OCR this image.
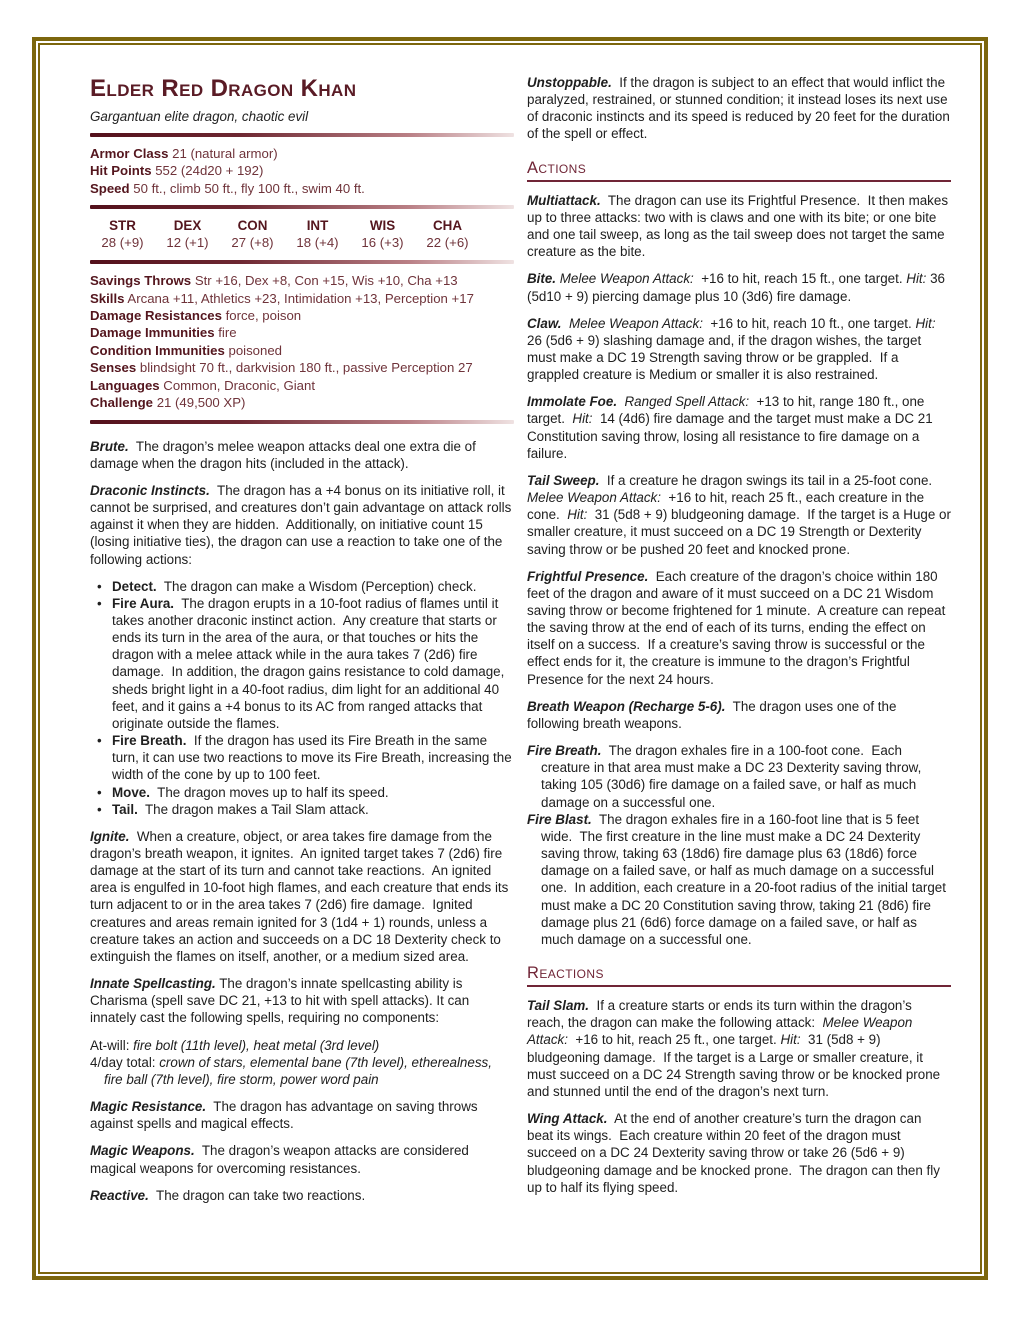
Elder Red Dragon Khan
Gargantuan elite dragon, chaotic evil
Armor Class 21 (natural armor)
Hit Points 552 (24d20 + 192)
Speed 50 ft., climb 50 ft., fly 100 ft., swim 40 ft.
STR
28 (+9)
DEX
12 (+1)
CON
27 (+8)
INT
18 (+4)
WIS
16 (+3)
CHA
22 (+6)
Savings Throws Str +16, Dex +8, Con +15, Wis +10, Cha +13
Skills Arcana +11, Athletics +23, Intimidation +13, Perception +17
Damage Resistances force, poison
Damage Immunities fire
Condition Immunities poisoned
Senses blindsight 70 ft., darkvision 180 ft., passive Perception 27
Languages Common, Draconic, Giant
Challenge 21 (49,500 XP)

Brute.  The dragon’s melee weapon attacks deal one extra die of damage when the dragon hits (included in the attack).

Draconic Instincts.  The dragon has a +4 bonus on its initiative roll, it cannot be surprised, and creatures don’t gain advantage on attack rolls against it when they are hidden.  Additionally, on initiative count 15 (losing initiative ties), the dragon can use a reaction to take one of the following actions:

• Detect.  The dragon can make a Wisdom (Perception) check.
• Fire Aura.  The dragon erupts in a 10-foot radius of flames until it takes another draconic instinct action.  Any creature that starts or ends its turn in the area of the aura, or that touches or hits the dragon with a melee attack while in the aura takes 7 (2d6) fire damage.  In addition, the dragon gains resistance to cold damage, sheds bright light in a 40-foot radius, dim light for an additional 40 feet, and it gains a +4 bonus to its AC from ranged attacks that originate outside the flames.
• Fire Breath.  If the dragon has used its Fire Breath in the same turn, it can use two reactions to move its Fire Breath, increasing the width of the cone by up to 100 feet.
• Move.  The dragon moves up to half its speed.
• Tail.  The dragon makes a Tail Slam attack.

Ignite.  When a creature, object, or area takes fire damage from the dragon’s breath weapon, it ignites.  An ignited target takes 7 (2d6) fire damage at the start of its turn and cannot take reactions.  An ignited area is engulfed in 10-foot high flames, and each creature that ends its turn adjacent to or in the area takes 7 (2d6) fire damage.  Ignited creatures and areas remain ignited for 3 (1d4 + 1) rounds, unless a creature takes an action and succeeds on a DC 18 Dexterity check to extinguish the flames on itself, another, or a medium sized area.

Innate Spellcasting. The dragon’s innate spellcasting ability is Charisma (spell save DC 21, +13 to hit with spell attacks). It can innately cast the following spells, requiring no components:

At-will: fire bolt (11th level), heat metal (3rd level)
4/day total: crown of stars, elemental bane (7th level), etherealness, fire ball (7th level), fire storm, power word pain

Magic Resistance.  The dragon has advantage on saving throws against spells and magical effects.

Magic Weapons.  The dragon’s weapon attacks are considered magical weapons for overcoming resistances.

Reactive.  The dragon can take two reactions.

Unstoppable.  If the dragon is subject to an effect that would inflict the paralyzed, restrained, or stunned condition; it instead loses its next use of draconic instincts and its speed is reduced by 20 feet for the duration of the spell or effect.

Actions

Multiattack.  The dragon can use its Frightful Presence.  It then makes up to three attacks: two with is claws and one with its bite; or one bite and one tail sweep, as long as the tail sweep does not target the same creature as the bite.

Bite. Melee Weapon Attack:  +16 to hit, reach 15 ft., one target. Hit: 36 (5d10 + 9) piercing damage plus 10 (3d6) fire damage.

Claw. Melee Weapon Attack:  +16 to hit, reach 10 ft., one target. Hit: 26 (5d6 + 9) slashing damage and, if the dragon wishes, the target must make a DC 19 Strength saving throw or be grappled.  If a grappled creature is Medium or smaller it is also restrained.

Immolate Foe. Ranged Spell Attack:  +13 to hit, range 180 ft., one target.  Hit:  14 (4d6) fire damage and the target must make a DC 21 Constitution saving throw, losing all resistance to fire damage on a failure.

Tail Sweep.  If a creature he dragon swings its tail in a 25-foot cone.  Melee Weapon Attack:  +16 to hit, reach 25 ft., each creature in the cone.  Hit:  31 (5d8 + 9) bludgeoning damage.  If the target is a Huge or smaller creature, it must succeed on a DC 19 Strength or Dexterity saving throw or be pushed 20 feet and knocked prone.

Frightful Presence.  Each creature of the dragon’s choice within 180 feet of the dragon and aware of it must succeed on a DC 21 Wisdom saving throw or become frightened for 1 minute.  A creature can repeat the saving throw at the end of each of its turns, ending the effect on itself on a success.  If a creature’s saving throw is successful or the effect ends for it, the creature is immune to the dragon’s Frightful Presence for the next 24 hours.

Breath Weapon (Recharge 5-6).  The dragon uses one of the following breath weapons.

Fire Breath.  The dragon exhales fire in a 100-foot cone.  Each creature in that area must make a DC 23 Dexterity saving throw, taking 105 (30d6) fire damage on a failed save, or half as much damage on a successful one.
Fire Blast.  The dragon exhales fire in a 160-foot line that is 5 feet wide.  The first creature in the line must make a DC 24 Dexterity saving throw, taking 63 (18d6) fire damage plus 63 (18d6) force damage on a failed save, or half as much damage on a successful one.  In addition, each creature in a 20-foot radius of the initial target must make a DC 20 Constitution saving throw, taking 21 (8d6) fire damage plus 21 (6d6) force damage on a failed save, or half as much damage on a successful one.
Reactions

Tail Slam.  If a creature starts or ends its turn within the dragon’s reach, the dragon can make the following attack:  Melee Weapon Attack:  +16 to hit, reach 25 ft., one target. Hit:  31 (5d8 + 9) bludgeoning damage.  If the target is a Large or smaller creature, it must succeed on a DC 24 Strength saving throw or be knocked prone and stunned until the end of the dragon’s next turn.

Wing Attack.  At the end of another creature’s turn the dragon can beat its wings.  Each creature within 20 feet of the dragon must succeed on a DC 24 Dexterity saving throw or take 26 (5d6 + 9) bludgeoning damage and be knocked prone.  The dragon can then fly up to half its flying speed.
